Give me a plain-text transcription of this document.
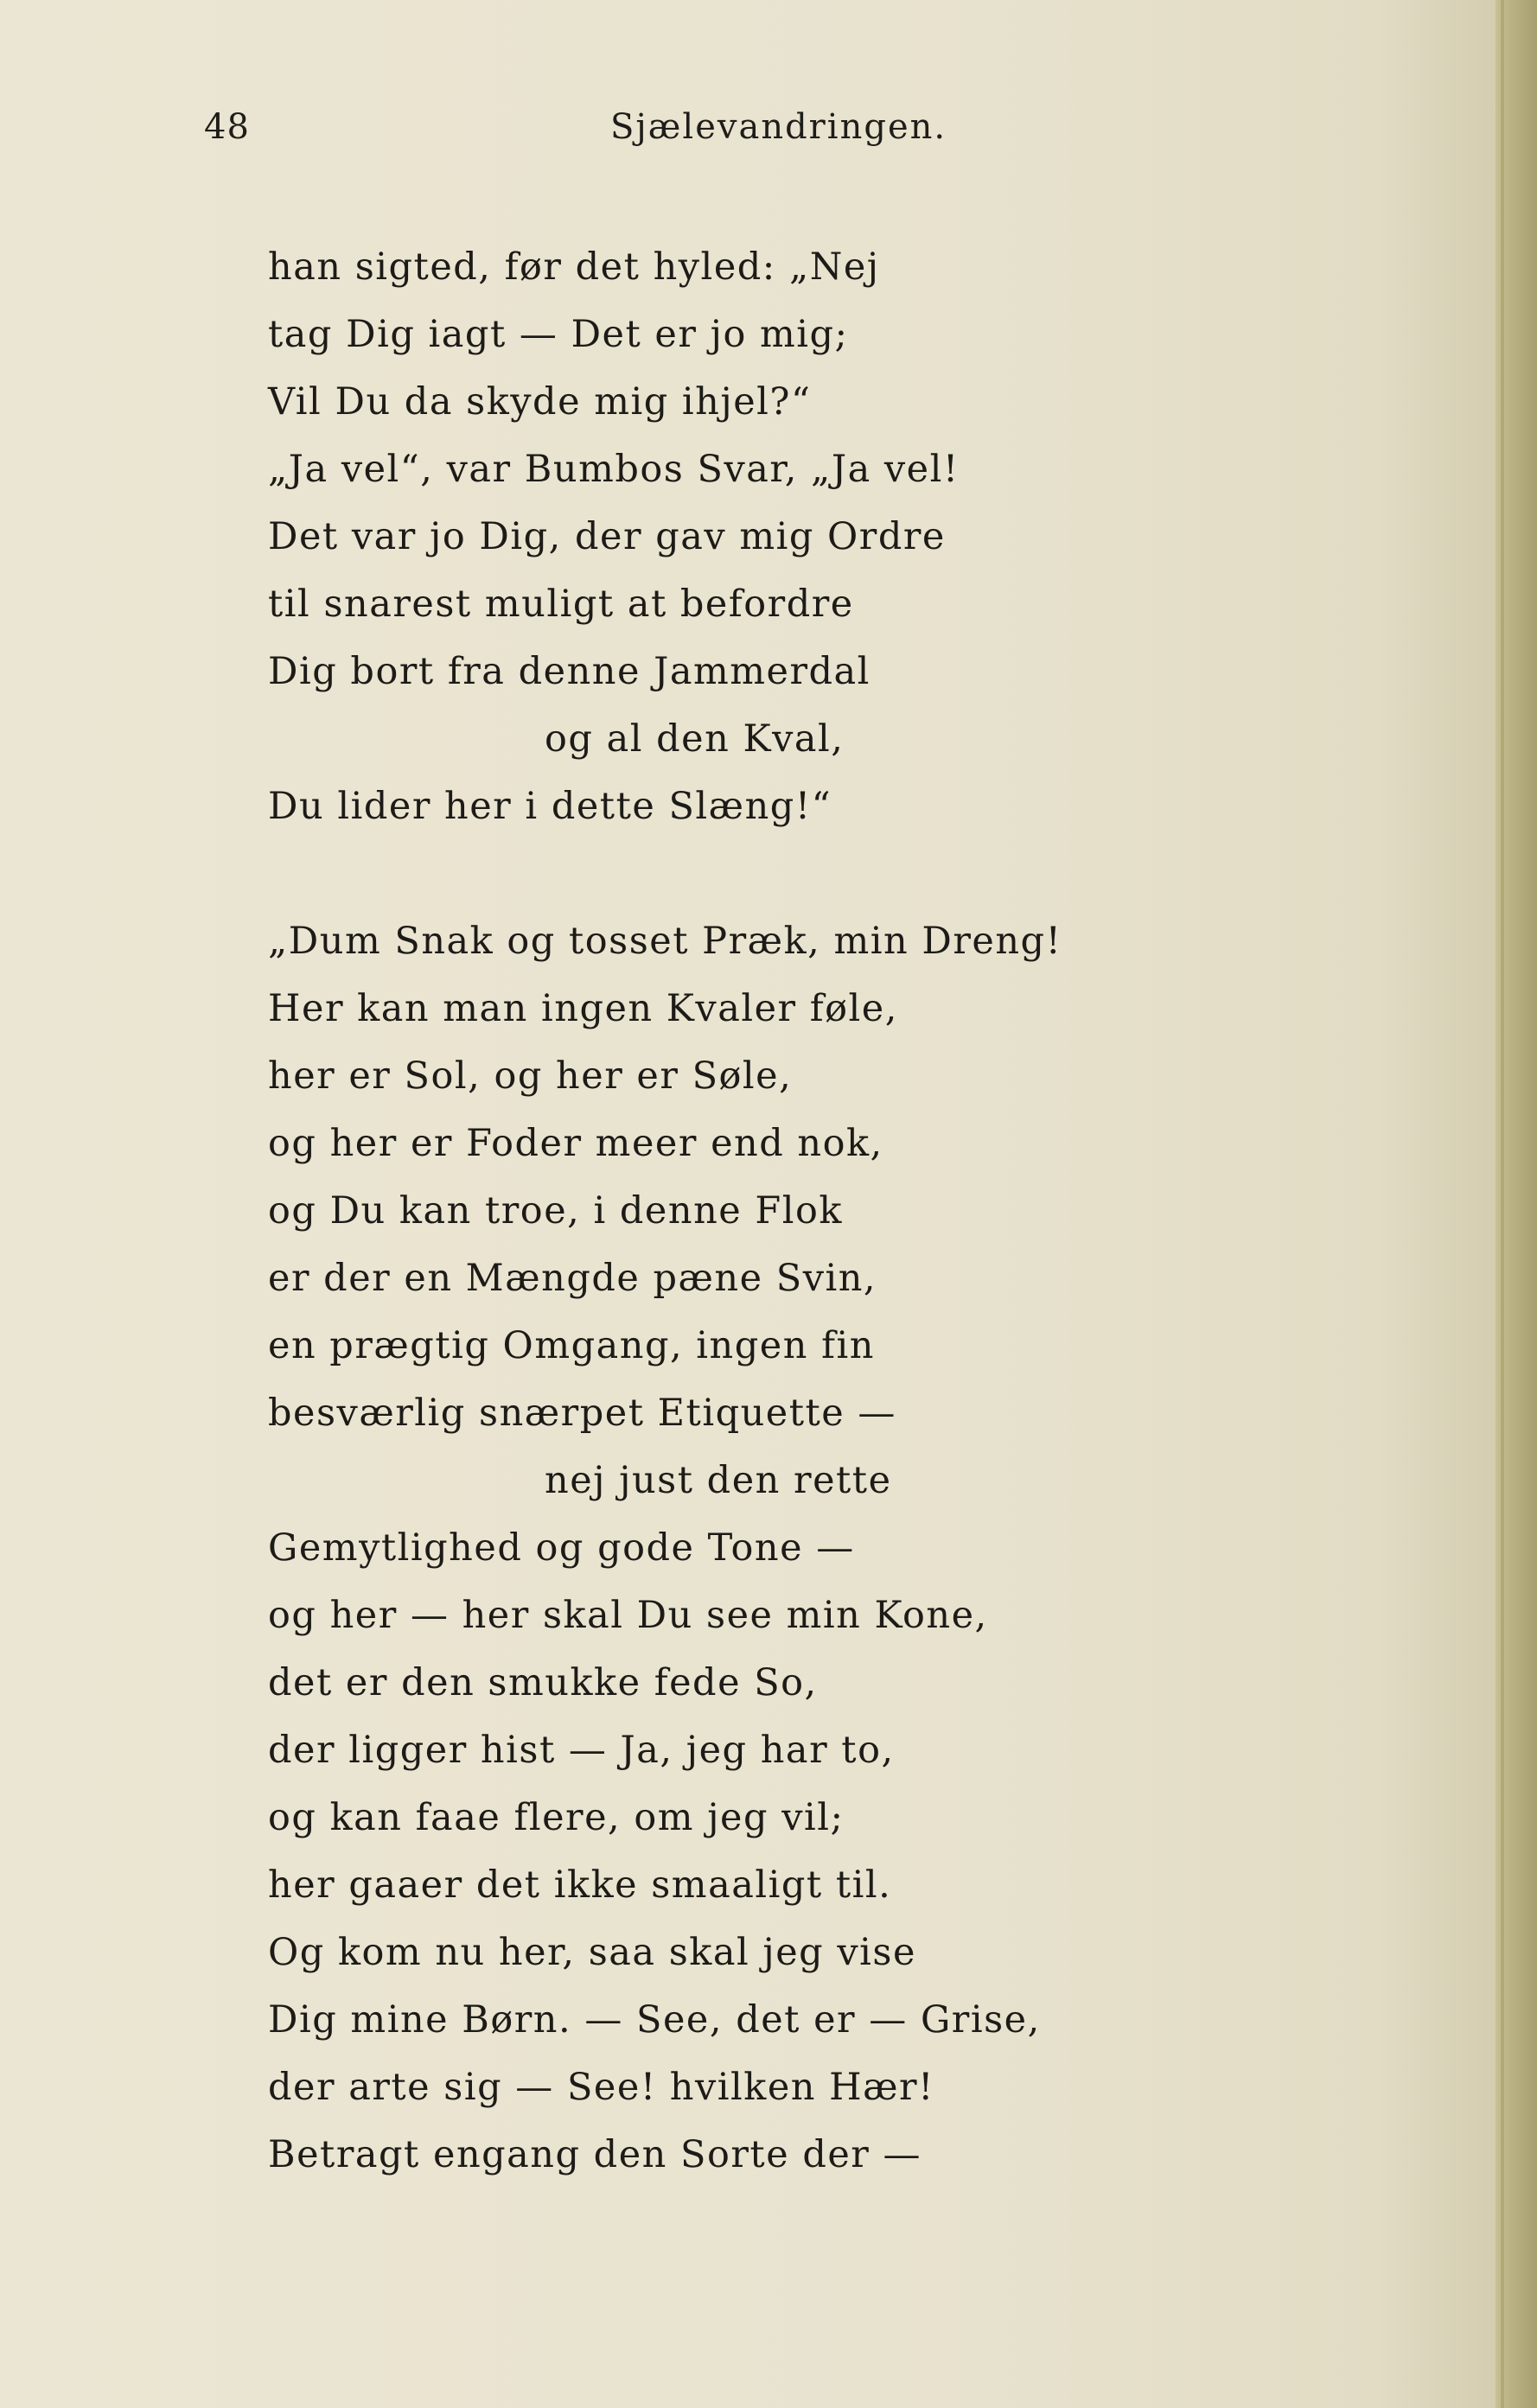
48	Sjælevandringen.
han sigted, før det hyled: „Nej
tag Dig iagt — Det er jo mig;
Vil Du da skyde mig ihjel?“
„Ja vel“, var Bumbos Svar, „Ja vel!
Det var jo Dig, der gav mig Ordre
til snarest muligt at befordre
Dig bort fra denne Jammerdal
og al den Kval,
Du lider her i dette Slæng!“
„Dum Snak og tosset Præk, min Dreng!
Her kan man ingen Kvaler føle,
her er Sol, og her er Søle,
og her er Foder meer end nok,
og Du kan troe, i denne Flok
er der en Mængde pæne Svin,
en prægtig Omgang, ingen fin
besværlig snærpet Etiquette —
nej just den rette
Gemytlighed og gode Tone —
og her — her skal Du see min Kone,
det er den smukke fede So,
der ligger hist — Ja, jeg har to,
og kan faae flere, om jeg vil;
her gaaer det ikke smaaligt til.
Og kom nu her, saa skal jeg vise
Dig mine Børn. — See, det er — Grise,
der arte sig — See! hvilken Hær!
Betragt engang den Sorte der —
